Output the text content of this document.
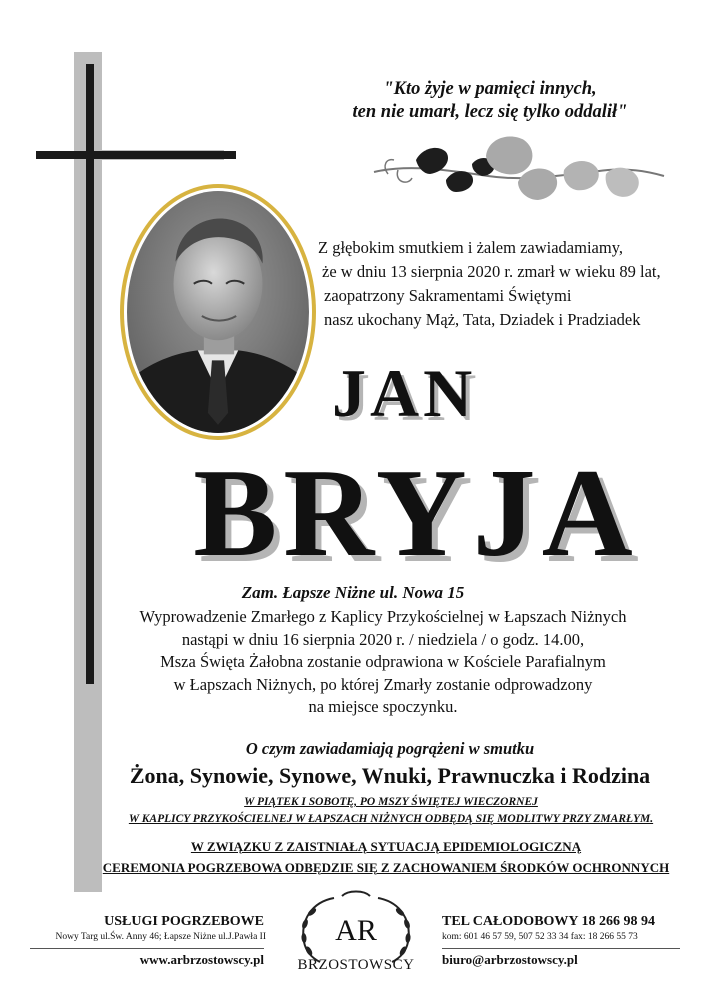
"Kto żyje w pamięci innych,
ten nie umarł, lecz się tylko oddalił"
Z głębokim smutkiem i żalem zawiadamiamy,
że w dniu 13 sierpnia 2020 r. zmarł w wieku 89 lat,
zaopatrzony Sakramentami Świętymi
nasz ukochany Mąż, Tata, Dziadek i Pradziadek
JAN
BRYJA
Zam. Łapsze Niżne ul. Nowa 15
Wyprowadzenie Zmarłego z Kaplicy Przykościelnej w Łapszach Niżnych
nastąpi w dniu 16 sierpnia 2020 r. / niedziela / o godz. 14.00,
Msza Święta Żałobna zostanie odprawiona w Kościele Parafialnym
w Łapszach Niżnych, po której Zmarły zostanie odprowadzony
na miejsce spoczynku.
O czym zawiadamiają pogrążeni w smutku
Żona, Synowie, Synowe, Wnuki, Prawnuczka i Rodzina
W PIĄTEK I SOBOTĘ, PO MSZY ŚWIĘTEJ WIECZORNEJ
W KAPLICY PRZYKOŚCIELNEJ W ŁAPSZACH NIŻNYCH ODBĘDĄ SIĘ MODLITWY PRZY ZMARŁYM.
W ZWIĄZKU Z ZAISTNIAŁĄ SYTUACJĄ EPIDEMIOLOGICZNĄ
CEREMONIA POGRZEBOWA ODBĘDZIE SIĘ Z ZACHOWANIEM ŚRODKÓW OCHRONNYCH
USŁUGI POGRZEBOWE
Nowy Targ ul.Św. Anny 46; Łapsze Niżne ul.J.Pawła II
www.arbrzostowscy.pl
AR
BRZOSTOWSCY
TEL CAŁODOBOWY 18 266 98 94
kom: 601 46 57 59, 507 52 33 34 fax: 18 266 55 73
biuro@arbrzostowscy.pl
